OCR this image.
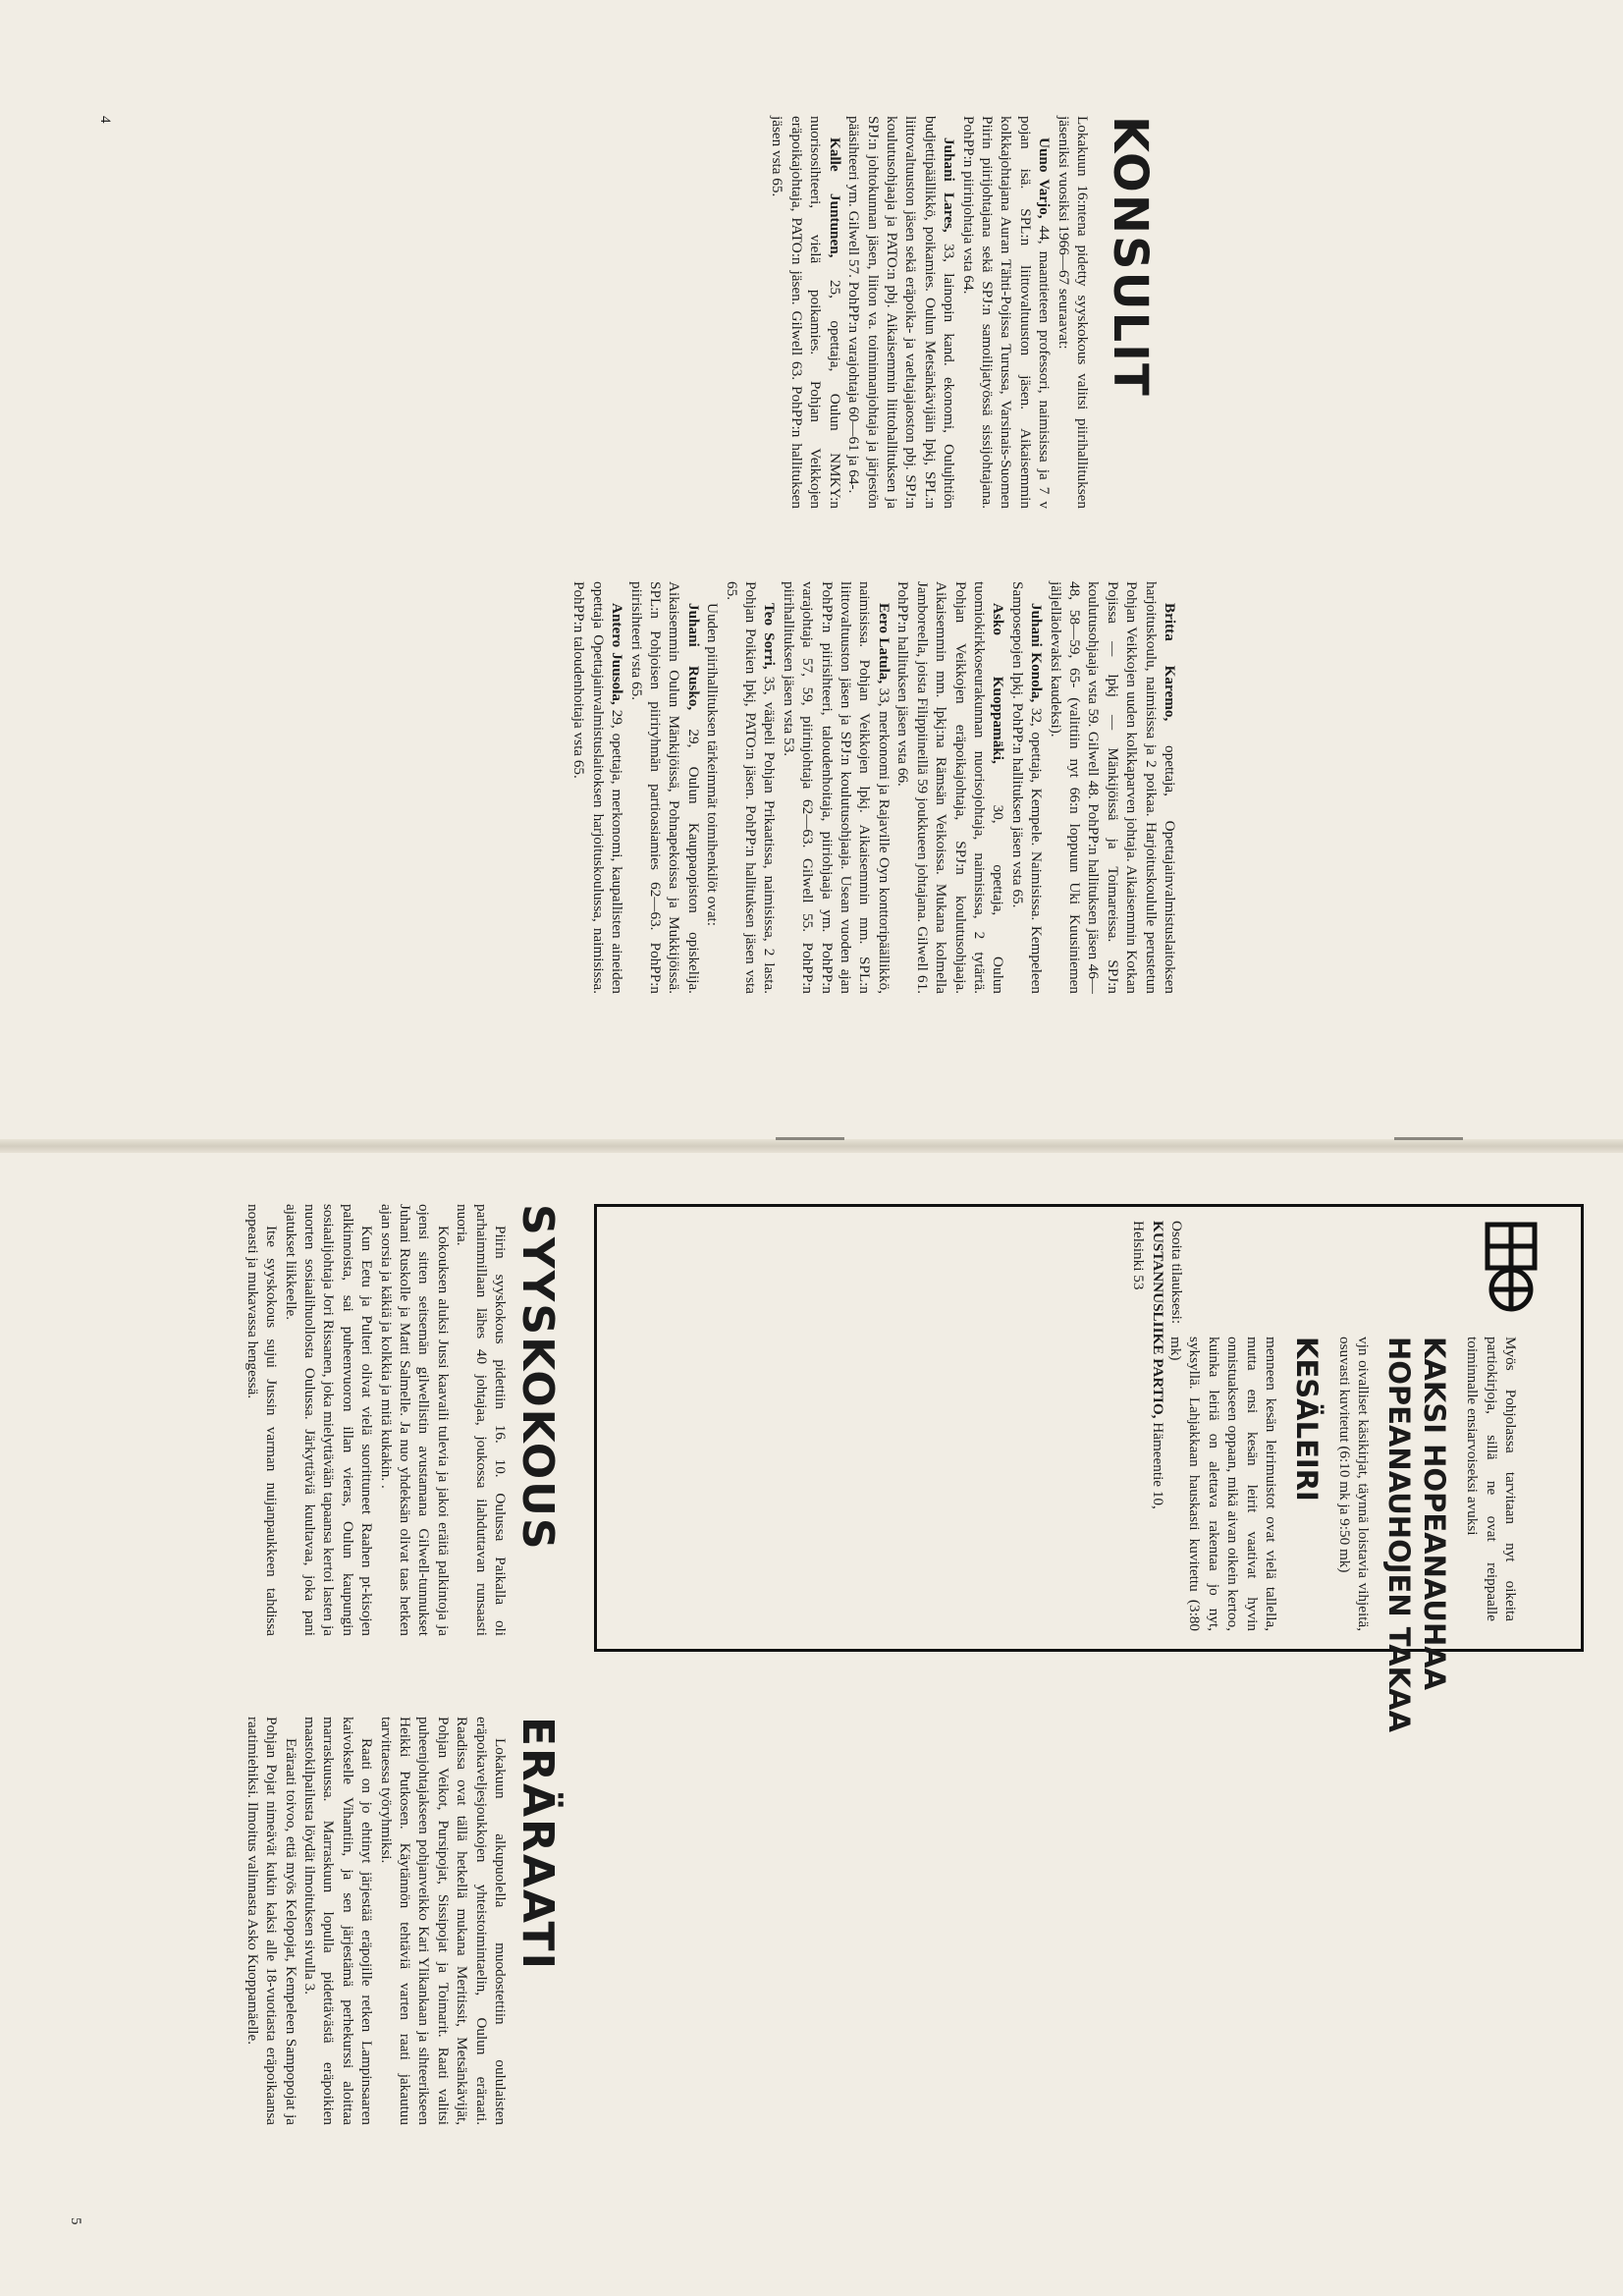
KONSULIT

Lokakuun 16:ntena pidetty syyskokous valitsi piirihallituksen jäseniksi vuosiksi 1966—67 seuraavat:

Uuno Varjo, 44, maantieteen professori, naimisissa ja 7 v pojan isä. SPL:n liittovaltuuston jäsen. Aikaisemmin kolkkajohtajana Auran Tähti-Pojissa Turussa, Varsinais-Suomen Piirin piirijohtajana sekä SPJ:n samoilijatyössä sissijohtajana. PohPP:n piirinjohtaja vsta 64.

Juhani Lares, 33, lainopin kand. ekonomi, Oulujhtiön budjettipäällikkö, poikamies. Oulun Metsänkävijäin lpkj, SPL:n liittovaltuuston jäsen sekä eräpoika- ja vaeltajajaoston pbj. SPJ:n koulutusohjaaja ja PATO:n pbj. Aikaisemmin liittohallituksen ja SPJ:n johtokunnan jäsen, liiton va. toiminnanjohtaja ja järjestön pääsihteeri ym. Gilwell 57. PohPP:n varajohtaja 60—61 ja 64-.

Kalle Juntunen, 25, opettaja, Oulun NMKY:n nuorisosihteeri, vielä poikamies. Pohjan Veikkojen eräpoikajohtaja, PATO:n jäsen. Gilwell 63. PohPP:n hallituksen jäsen vsta 65.

Britta Karemo, opettaja, Opettajainvalmistuslaitoksen harjoituskoulu, naimisissa ja 2 poikaa. Harjoituskoululle perustetun Pohjan Veikkojen uuden kolkkaparven johtaja. Aikaisemmin Kotkan Pojissa — lpkj — Mänkijöissä ja Toimareissa. SPJ:n koulutusohjaaja vsta 59. Gilwell 48. PohPP:n hallituksen jäsen 46—48, 58—59, 65- (valittiin nyt 66:n loppuun Uki Kuusiniemen jäljelläolevaksi kaudeksi).

Juhani Konola, 32, opettaja, Kempele. Naimisissa. Kempeleen Samposepojen lpkj. PohPP:n hallituksen jäsen vsta 65.

Asko Kuoppamäki, 30, opettaja, Oulun tuomiokirkkoseurakunnan nuorisojohtaja, naimisissa, 2 tytärtä. Pohjan Veikkojen eräpoikajohtaja, SPJ:n koulutusohjaaja. Aikaisemmin mm. lpkj:na Rämsän Veikoissa. Mukana kolmella Jamboreella, joista Filippiineillä 59 joukkueen johtajana. Gilwell 61. PohPP:n hallituksen jäsen vsta 66.

Eero Latula, 33, merkonomi ja Rajaville Oyn konttoripäällikkö, naimisissa. Pohjan Veikkojen lpkj. Aikaisemmin mm. SPL:n liittovaltuuston jäsen ja SPJ:n koulutusohjaaja. Usean vuoden ajan PohPP:n piirisihteeri, taloudenhoitaja, piiriohjaaja ym. PohPP:n varajohtaja 57, 59, piirinjohtaja 62—63. Gilwell 55. PohPP:n piirihallituksen jäsen vsta 53.

Teo Sorri, 35, vääpeli Pohjan Prikaatissa, naimisissa, 2 lasta. Pohjan Poikien lpkj, PATO:n jäsen. PohPP:n hallituksen jäsen vsta 65.

Uuden piirihallituksen tärkeimmät toimihenkilöt ovat:

Juhani Rusko, 29, Oulun Kauppaopiston opiskelija. Aikaisemmin Oulun Mänkijöissä, Pohnapekoissa ja Mukkijöissä. SPL:n Pohjoisen piiriryhmän partioasiamies 62—63. PohPP:n piirisihteeri vsta 65.

Antero Juusola, 29, opettaja, merkonomi, kaupallisten aineiden opettaja Opettajainvalmistuslaitoksen harjoituskoulussa, naimisissa. PohPP:n taloudenhoitaja vsta 65.

4
Myös Pohjolassa tarvitaan nyt oikeita partiokirjoja, sillä ne ovat reippaalle toiminnalle ensiarvoiseksi avuksi
KAKSI HOPEANAUHAA
HOPEANAUHOJEN TAKAA
vjn oivalliset käsikirjat, täynnä loistavia vihjeitä, osuvasti kuvitetut (6:10 mk ja 9:50 mk)
KESÄLEIRI
menneen kesän leirimuistot ovat vielä tallella, mutta ensi kesän leirit vaativat hyvin onnistuakseen oppaan, mikä aivan oikein kertoo, kuinka leiriä on alettava rakentaa jo nyt, syksyllä. Lahjakkaan hauskasti kuvitettu (3:80 mk)

Osoita tilauksesi:

KUSTANNUSLIIKE PARTIO, Hämeentie 10,

Helsinki 53

SYYSKOKOUS

Piirin syyskokous pidettiin 16. 10. Oulussa Paikalla oli parhaimmillaan lähes 40 johtajaa, joukossa ilahduttavan runsaasti nuoria.

Kokouksen aluksi Jussi kaavaili tulevia ja jakoi eräitä palkintoja ja ojensi sitten seitsemän gilwellistin avustamana Gilwell-tunnukset Juhani Ruskolle ja Matti Salmelle. Ja nuo yhdeksän olivat taas hetken ajan sorsia ja käkiä ja kolkkia ja mitä kukakin. .

Kun Eetu ja Pulteri olivat vielä suorittuneet Raahen pt-kisojen palkinnoista, sai puheenvuoron illan vieras, Oulun kaupungin sosiaalijohtaja Jori Rissanen, joka mielyttävään tapaansa kertoi lasten ja nuorten sosiaalihuollosta Oulussa. Järkyttäviä kuultavaa, joka pani ajatukset liikkeelle.

Itse syyskokous sujui Jussin varman nuijanpaukkeen tahdissa nopeasti ja mukavassa hengessä.

ERÄRAATI

Lokakuun alkupuolella muodostettiin oululaisten eräpoikaveljesjoukkojen yhteistoimintaelin, Oulun eräraati. Raadissa ovat tällä hetkellä mukana Meritissit, Metsänkävijät, Pohjan Veikot, Pursipojat, Sissipojat ja Toimarit. Raati valitsi puheenjohtajakseen pohjanveikko Kari Ylikankaan ja sihteerikseen Heikki Putkosen. Käytännön tehtäviä varten raati jakautuu tarvittaessa työryhmiksi.

Raati on jo ehtinyt järjestää eräpojille retken Lampinsaaren kaivokselle Vihantiin, ja sen järjestämä perhekurssi aloittaa marraskuussa. Marraskuun lopulla pidettävästä eräpoikien maastokilpailusta löydät ilmoituksen sivulla 3.

Eräraati toivoo, että myös Kelopojat, Kempeleen Sampopojat ja Pohjan Pojat nimeävät kukin kaksi alle 18-vuotiasta eräpoikaansa raatimiehiksi. Ilmoitus valinnasta Asko Kuoppamäelle.

5
